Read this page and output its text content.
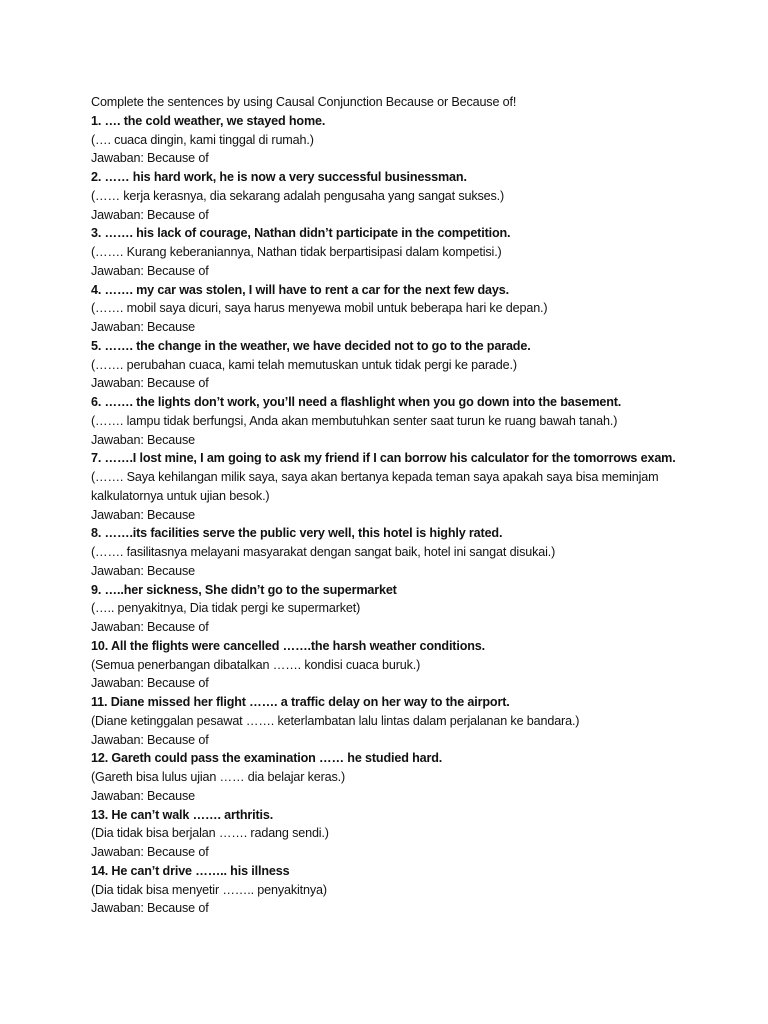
Complete the sentences by using Causal Conjunction Because or Because of!
1. …. the cold weather, we stayed home.
(…. cuaca dingin, kami tinggal di rumah.)
Jawaban: Because of
2. …… his hard work, he is now a very successful businessman.
(…… kerja kerasnya, dia sekarang adalah pengusaha yang sangat sukses.)
Jawaban: Because of
3. ……. his lack of courage, Nathan didn’t participate in the competition.
(……. Kurang keberaniannya, Nathan tidak berpartisipasi dalam kompetisi.)
Jawaban: Because of
4. ……. my car was stolen, I will have to rent a car for the next few days.
(……. mobil saya dicuri, saya harus menyewa mobil untuk beberapa hari ke depan.)
Jawaban: Because
5. ……. the change in the weather, we have decided not to go to the parade.
(……. perubahan cuaca, kami telah memutuskan untuk tidak pergi ke parade.)
Jawaban: Because of
6. ……. the lights don’t work, you’ll need a flashlight when you go down into the basement.
(……. lampu tidak berfungsi, Anda akan membutuhkan senter saat turun ke ruang bawah tanah.)
Jawaban: Because
7. …….I lost mine, I am going to ask my friend if I can borrow his calculator for the tomorrows exam.
(……. Saya kehilangan milik saya, saya akan bertanya kepada teman saya apakah saya bisa meminjam kalkulatornya untuk ujian besok.)
Jawaban: Because
8. …….its facilities serve the public very well, this hotel is highly rated.
(……. fasilitasnya melayani masyarakat dengan sangat baik, hotel ini sangat disukai.)
Jawaban: Because
9. …..her sickness, She didn’t go to the supermarket
(….. penyakitnya, Dia tidak pergi ke supermarket)
Jawaban: Because of
10. All the flights were cancelled …….the harsh weather conditions.
(Semua penerbangan dibatalkan ……. kondisi cuaca buruk.)
Jawaban: Because of
11. Diane missed her flight ……. a traffic delay on her way to the airport.
(Diane ketinggalan pesawat ……. keterlambatan lalu lintas dalam perjalanan ke bandara.)
Jawaban: Because of
12. Gareth could pass the examination …… he studied hard.
(Gareth bisa lulus ujian …… dia belajar keras.)
Jawaban: Because
13. He can’t walk ……. arthritis.
(Dia tidak bisa berjalan ……. radang sendi.)
Jawaban: Because of
14. He can’t drive …….. his illness
(Dia tidak bisa menyetir …….. penyakitnya)
Jawaban: Because of
